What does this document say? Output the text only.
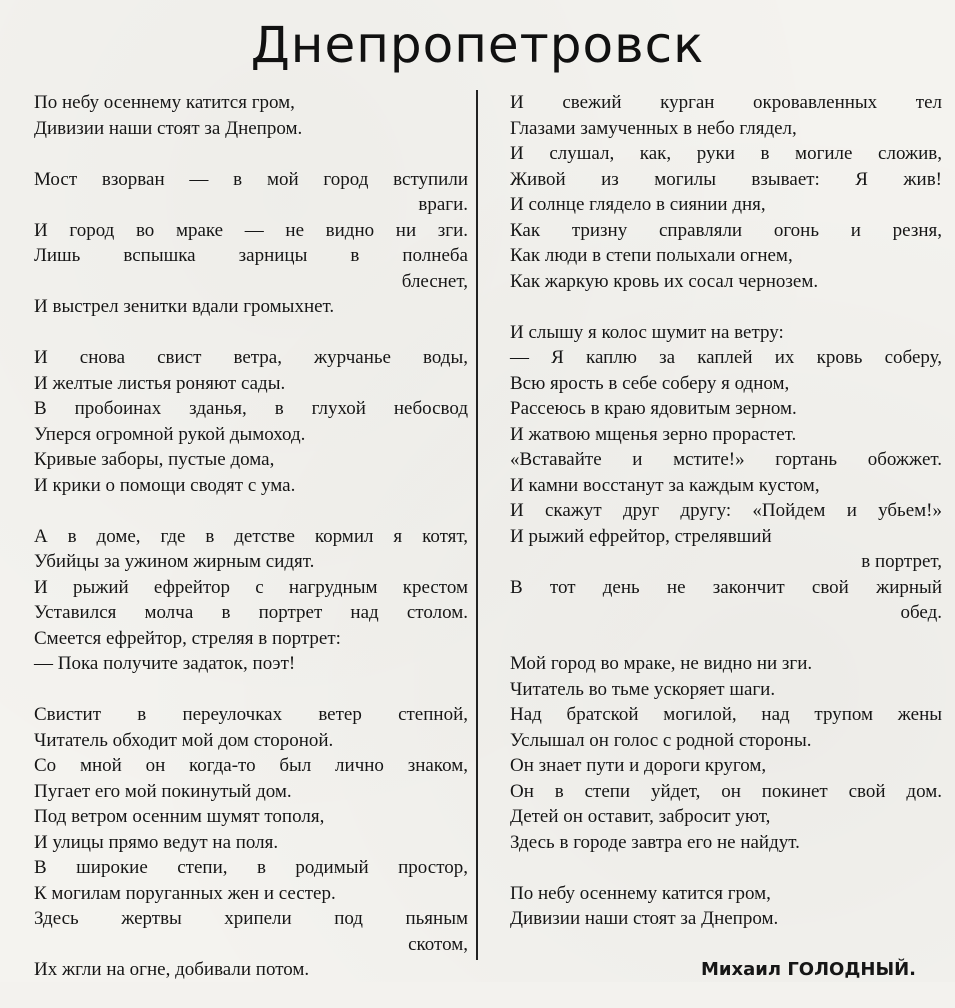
Днепропетровск
По небу осеннему катится гром,
Дивизии наши стоят за Днепром.
Мост взорван — в мой город вступили
враги.
И город во мраке — не видно ни зги.
Лишь вспышка зарницы в полнеба
блеснет,
И выстрел зенитки вдали громыхнет.
И снова свист ветра, журчанье воды,
И желтые листья роняют сады.
В пробоинах зданья, в глухой небосвод
Уперся огромной рукой дымоход.
Кривые заборы, пустые дома,
И крики о помощи сводят с ума.
А в доме, где в детстве кормил я котят,
Убийцы за ужином жирным сидят.
И рыжий ефрейтор с нагрудным крестом
Уставился молча в портрет над столом.
Смеется ефрейтор, стреляя в портрет:
— Пока получите задаток, поэт!
Свистит в переулочках ветер степной,
Читатель обходит мой дом стороной.
Со мной он когда-то был лично знаком,
Пугает его мой покинутый дом.
Под ветром осенним шумят тополя,
И улицы прямо ведут на поля.
В широкие степи, в родимый простор,
К могилам поруганных жен и сестер.
Здесь жертвы хрипели под пьяным
скотом,
Их жгли на огне, добивали потом.
И свежий курган окровавленных тел
Глазами замученных в небо глядел,
И слушал, как, руки в могиле сложив,
Живой из могилы взывает: Я жив!
И солнце глядело в сиянии дня,
Как тризну справляли огонь и резня,
Как люди в степи полыхали огнем,
Как жаркую кровь их сосал чернозем.
И слышу я колос шумит на ветру:
— Я каплю за каплей их кровь соберу,
Всю ярость в себе соберу я одном,
Рассеюсь в краю ядовитым зерном.
И жатвою мщенья зерно прорастет.
«Вставайте и мстите!» гортань обожжет.
И камни восстанут за каждым кустом,
И скажут друг другу: «Пойдем и убьем!»
И рыжий ефрейтор, стрелявший
в портрет,
В тот день не закончит свой жирный
обед.
Мой город во мраке, не видно ни зги.
Читатель во тьме ускоряет шаги.
Над братской могилой, над трупом жены
Услышал он голос с родной стороны.
Он знает пути и дороги кругом,
Он в степи уйдет, он покинет свой дом.
Детей он оставит, забросит уют,
Здесь в городе завтра его не найдут.
По небу осеннему катится гром,
Дивизии наши стоят за Днепром.
Михаил ГОЛОДНЫЙ.
